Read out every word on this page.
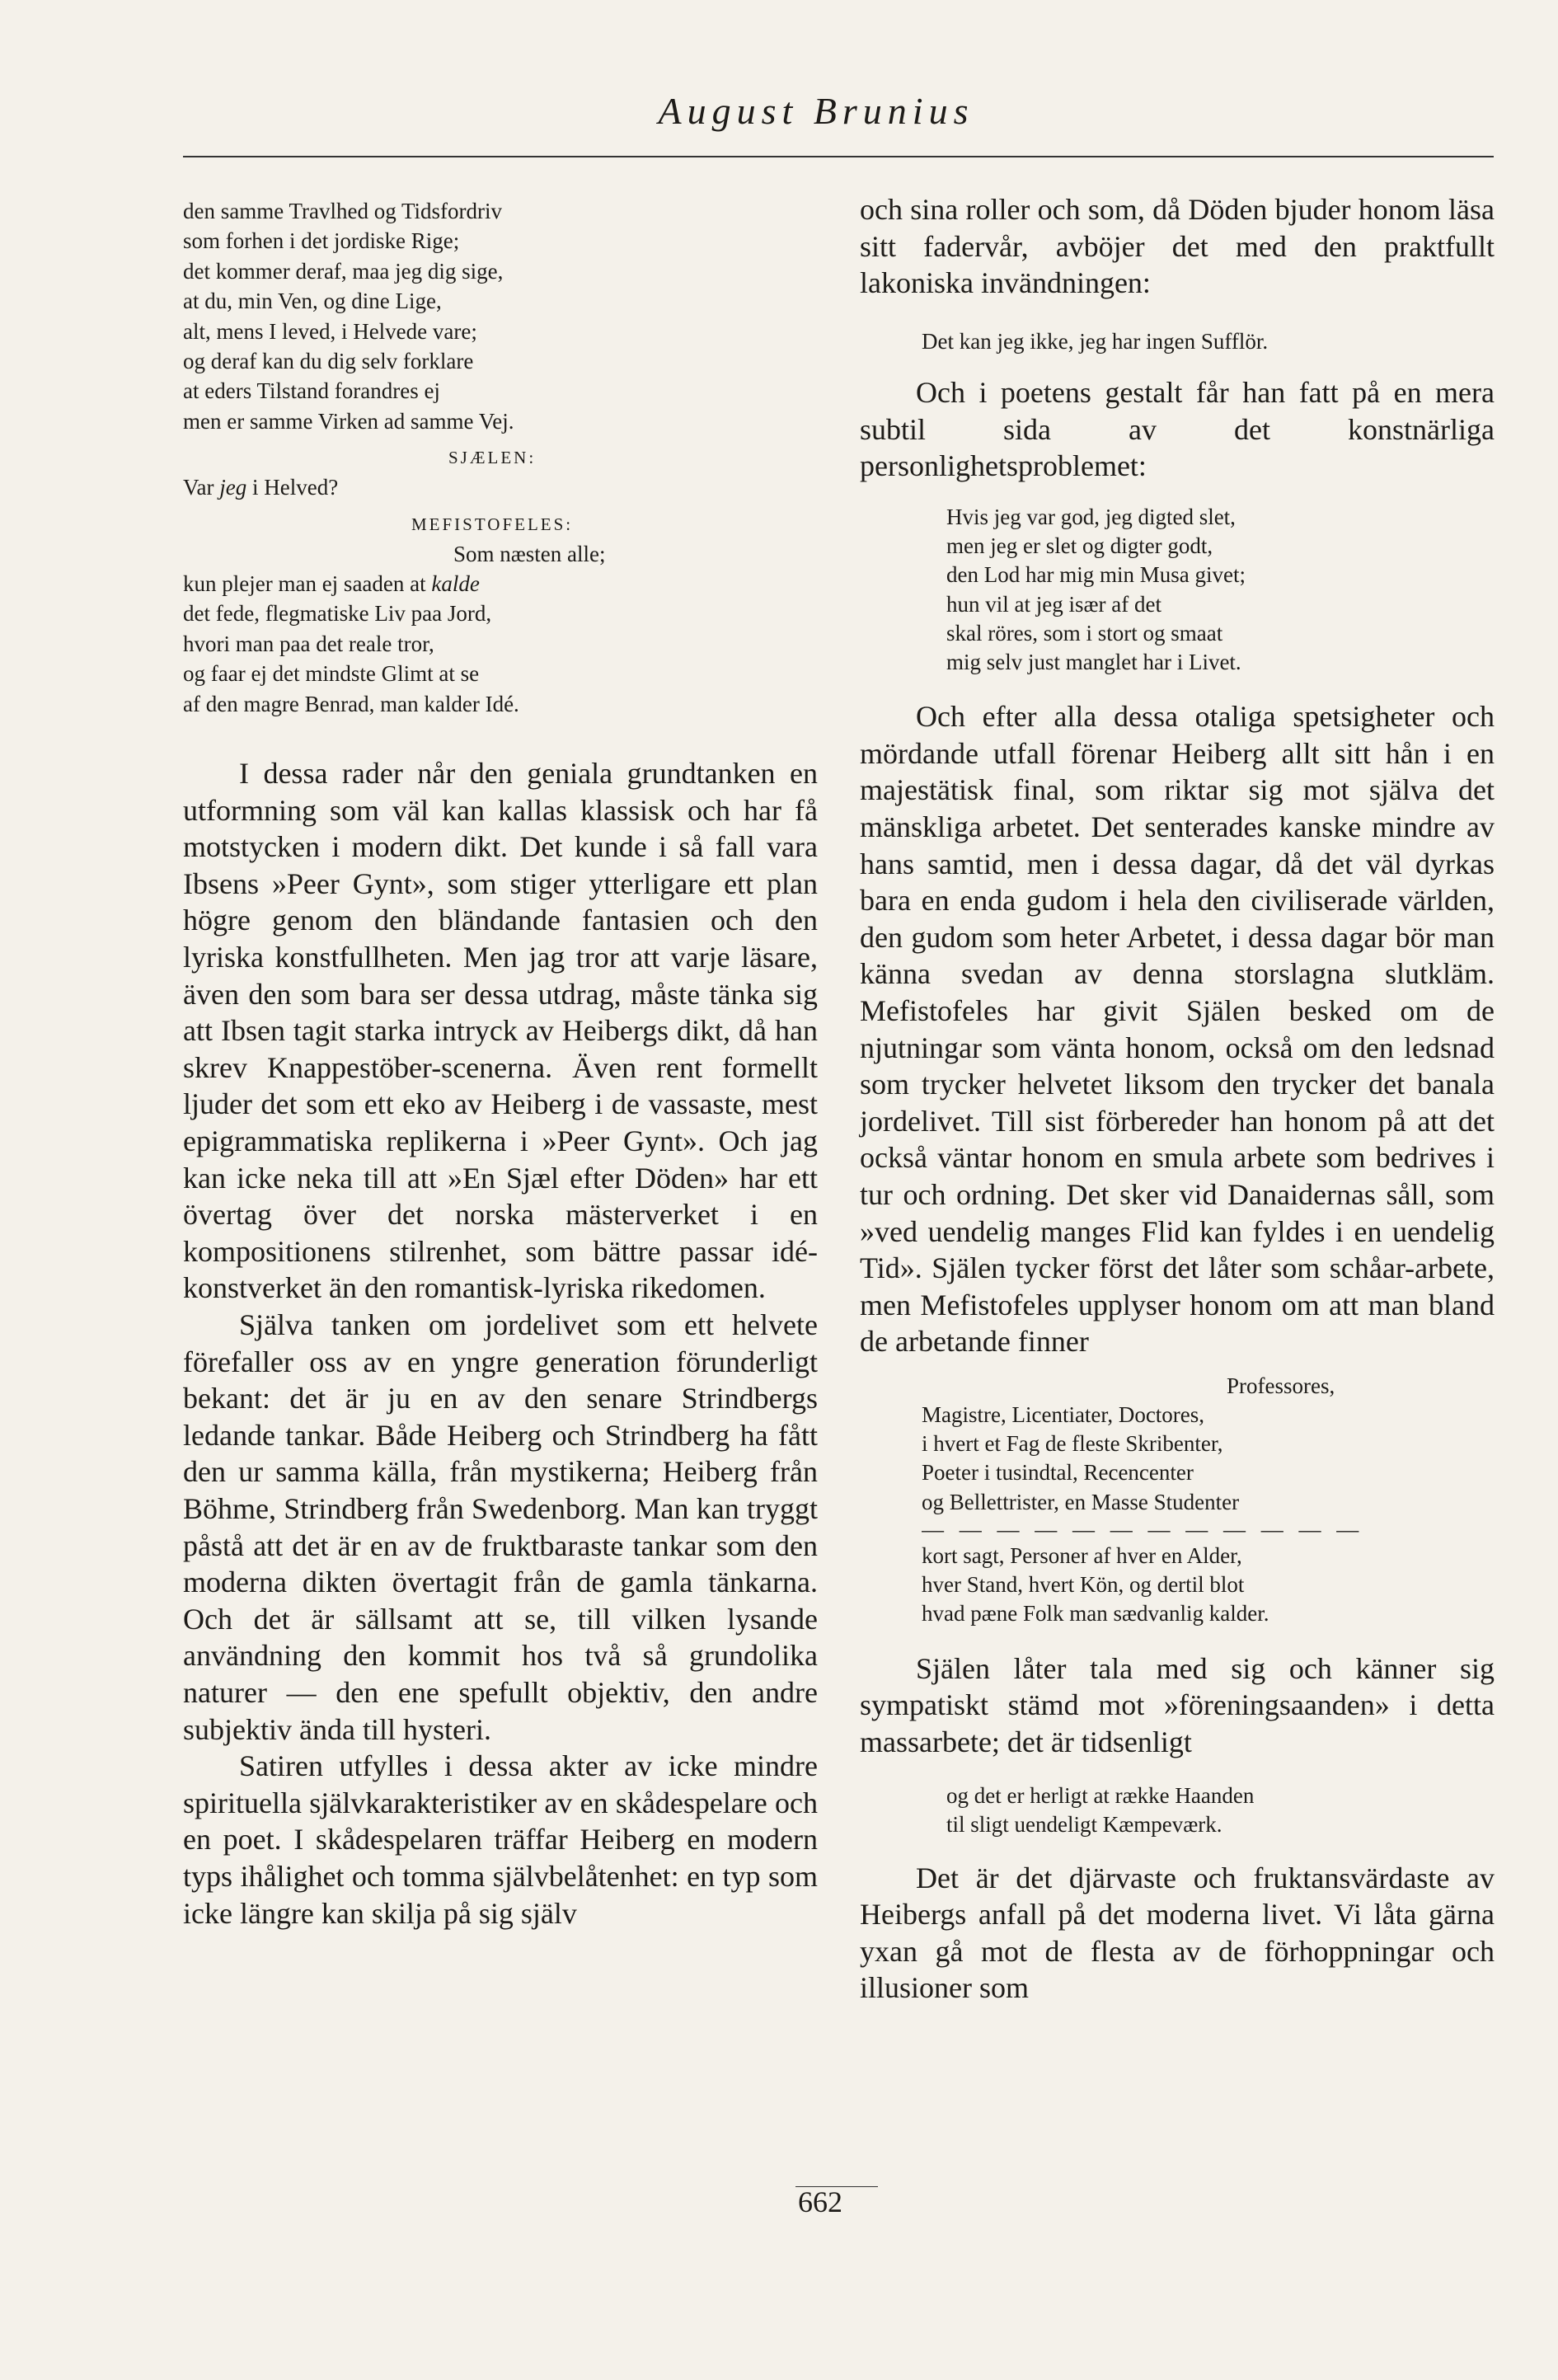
August Brunius

den samme Travlhed og Tidsfordriv
som forhen i det jordiske Rige;
det kommer deraf, maa jeg dig sige,
at du, min Ven, og dine Lige,
alt, mens I leved, i Helvede vare;
og deraf kan du dig selv forklare
at eders Tilstand forandres ej
men er samme Virken ad samme Vej.

SJÆLEN:

Var jeg i Helved?

MEFISTOFELES:

Som næsten alle;
kun plejer man ej saaden at kalde
det fede, flegmatiske Liv paa Jord,
hvori man paa det reale tror,
og faar ej det mindste Glimt at se
af den magre Benrad, man kalder Idé.

I dessa rader når den geniala grundtanken en utformning som väl kan kallas klassisk och har få motstycken i modern dikt. Det kunde i så fall vara Ibsens »Peer Gynt», som stiger ytterligare ett plan högre genom den bländande fantasien och den lyriska konstfullheten. Men jag tror att varje läsare, även den som bara ser dessa utdrag, måste tänka sig att Ibsen tagit starka intryck av Heibergs dikt, då han skrev Knappestöber-scenerna. Även rent formellt ljuder det som ett eko av Heiberg i de vassaste, mest epigrammatiska replikerna i »Peer Gynt». Och jag kan icke neka till att »En Sjæl efter Döden» har ett övertag över det norska mästerverket i en kompositionens stilrenhet, som bättre passar idé-konstverket än den romantisk-lyriska rikedomen.

Själva tanken om jordelivet som ett helvete förefaller oss av en yngre generation förunderligt bekant: det är ju en av den senare Strindbergs ledande tankar. Både Heiberg och Strindberg ha fått den ur samma källa, från mystikerna; Heiberg från Böhme, Strindberg från Swedenborg. Man kan tryggt påstå att det är en av de fruktbaraste tankar som den moderna dikten övertagit från de gamla tänkarna. Och det är sällsamt att se, till vilken lysande användning den kommit hos två så grundolika naturer — den ene spefullt objektiv, den andre subjektiv ända till hysteri.

Satiren utfylles i dessa akter av icke mindre spirituella självkarakteristiker av en skådespelare och en poet. I skådespelaren träffar Heiberg en modern typs ihålighet och tomma självbelåtenhet: en typ som icke längre kan skilja på sig själv

och sina roller och som, då Döden bjuder honom läsa sitt fadervår, avböjer det med den praktfullt lakoniska invändningen:

Det kan jeg ikke, jeg har ingen Sufflör.

Och i poetens gestalt får han fatt på en mera subtil sida av det konstnärliga personlighetsproblemet:

Hvis jeg var god, jeg digted slet,
men jeg er slet og digter godt,
den Lod har mig min Musa givet;
hun vil at jeg især af det
skal röres, som i stort og smaat
mig selv just manglet har i Livet.

Och efter alla dessa otaliga spetsigheter och mördande utfall förenar Heiberg allt sitt hån i en majestätisk final, som riktar sig mot själva det mänskliga arbetet. Det senterades kanske mindre av hans samtid, men i dessa dagar, då det väl dyrkas bara en enda gudom i hela den civiliserade världen, den gudom som heter Arbetet, i dessa dagar bör man känna svedan av denna storslagna slutkläm. Mefistofeles har givit Själen besked om de njutningar som vänta honom, också om den ledsnad som trycker helvetet liksom den trycker det banala jordelivet. Till sist förbereder han honom på att det också väntar honom en smula arbete som bedrives i tur och ordning. Det sker vid Danaidernas såll, som »ved uendelig manges Flid kan fyldes i en uendelig Tid». Själen tycker först det låter som schåar-arbete, men Mefistofeles upplyser honom om att man bland de arbetande finner

Professores,
Magistre, Licentiater, Doctores,
i hvert et Fag de fleste Skribenter,
Poeter i tusindtal, Recencenter
og Bellettrister, en Masse Studenter
— — — — — — — — — — — —
kort sagt, Personer af hver en Alder,
hver Stand, hvert Kön, og dertil blot
hvad pæne Folk man sædvanlig kalder.

Själen låter tala med sig och känner sig sympatiskt stämd mot »föreningsaanden» i detta massarbete; det är tidsenligt

og det er herligt at række Haanden
til sligt uendeligt Kæmpeværk.

Det är det djärvaste och fruktansvärdaste av Heibergs anfall på det moderna livet. Vi låta gärna yxan gå mot de flesta av de förhoppningar och illusioner som

662
